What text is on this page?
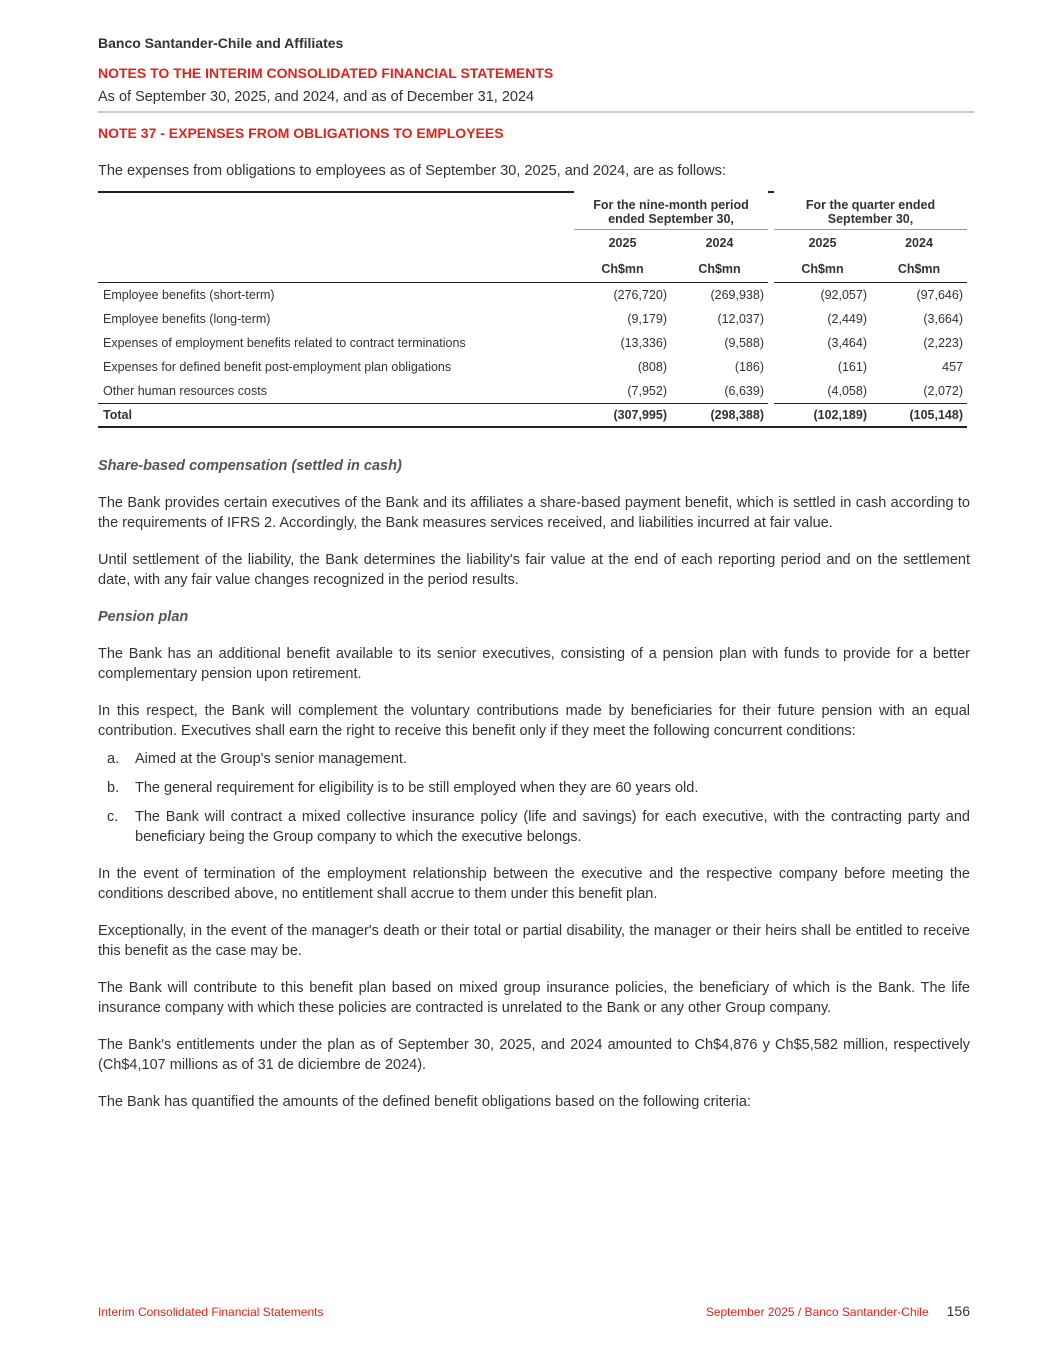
Banco Santander-Chile and Affiliates
NOTES TO THE INTERIM CONSOLIDATED FINANCIAL STATEMENTS
As of September 30, 2025, and 2024, and as of December 31, 2024
NOTE 37 - EXPENSES FROM OBLIGATIONS TO EMPLOYEES

The expenses from obligations to employees as of September 30, 2025, and 2024, are as follows:

	For the nine-month period ended September 30,			For the quarter ended September 30,	
	2025	2024		2025	2024
	Ch$mn	Ch$mn		Ch$mn	Ch$mn
Employee benefits (short-term)	(276,720)	(269,938)		(92,057)	(97,646)
Employee benefits (long-term)	(9,179)	(12,037)		(2,449)	(3,664)
Expenses of employment benefits related to contract terminations	(13,336)	(9,588)		(3,464)	(2,223)
Expenses for defined benefit post-employment plan obligations	(808)	(186)		(161)	457
Other human resources costs	(7,952)	(6,639)		(4,058)	(2,072)
Total	(307,995)	(298,388)		(102,189)	(105,148)
Share-based compensation (settled in cash)

The Bank provides certain executives of the Bank and its affiliates a share-based payment benefit, which is settled in cash according to the requirements of IFRS 2. Accordingly, the Bank measures services received, and liabilities incurred at fair value.

Until settlement of the liability, the Bank determines the liability's fair value at the end of each reporting period and on the settlement date, with any fair value changes recognized in the period results.

Pension plan

The Bank has an additional benefit available to its senior executives, consisting of a pension plan with funds to provide for a better complementary pension upon retirement.

In this respect, the Bank will complement the voluntary contributions made by beneficiaries for their future pension with an equal contribution. Executives shall earn the right to receive this benefit only if they meet the following concurrent conditions:

a.	Aimed at the Group's senior management.
b.	The general requirement for eligibility is to be still employed when they are 60 years old.
c.	The Bank will contract a mixed collective insurance policy (life and savings) for each executive, with the contracting party and beneficiary being the Group company to which the executive belongs.

In the event of termination of the employment relationship between the executive and the respective company before meeting the conditions described above, no entitlement shall accrue to them under this benefit plan.

Exceptionally, in the event of the manager's death or their total or partial disability, the manager or their heirs shall be entitled to receive this benefit as the case may be.

The Bank will contribute to this benefit plan based on mixed group insurance policies, the beneficiary of which is the Bank. The life insurance company with which these policies are contracted is unrelated to the Bank or any other Group company.

The Bank's entitlements under the plan as of September 30, 2025, and 2024 amounted to Ch$4,876 y Ch$5,582 million, respectively (Ch$4,107 millions as of 31 de diciembre de 2024).

The Bank has quantified the amounts of the defined benefit obligations based on the following criteria:

Interim Consolidated Financial Statements	September 2025 / Banco Santander-Chile 156
